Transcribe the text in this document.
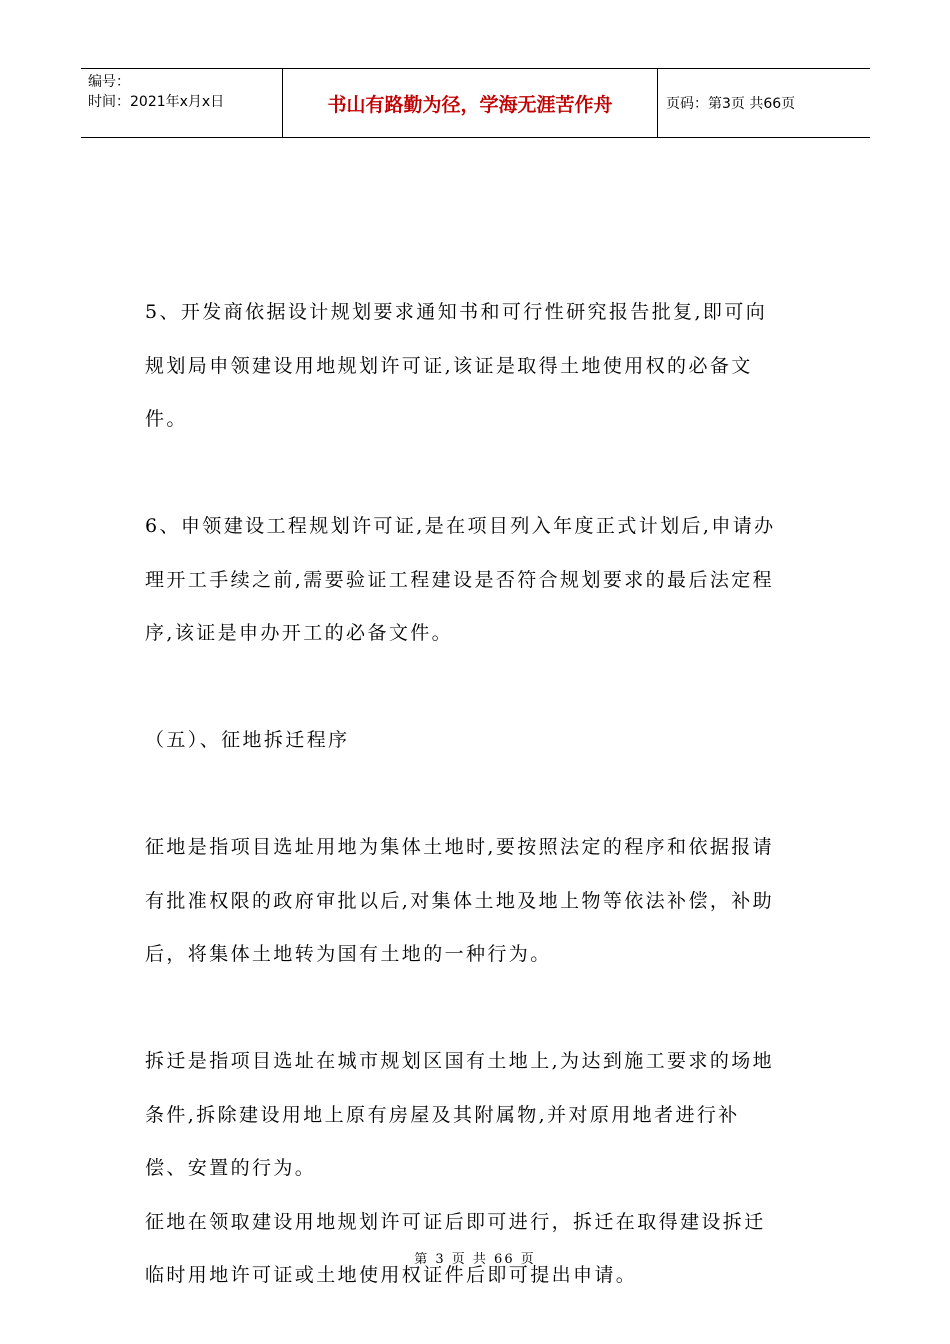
编号：
时间：2021年x月x日	书山有路勤为径，学海无涯苦作舟	页码：第3页 共66页

5、开发商依据设计规划要求通知书和可行性研究报告批复,即可向
规划局申领建设用地规划许可证,该证是取得土地使用权的必备文
件。

6、申领建设工程规划许可证,是在项目列入年度正式计划后,申请办
理开工手续之前,需要验证工程建设是否符合规划要求的最后法定程
序,该证是申办开工的必备文件。

（五）、征地拆迁程序

征地是指项目选址用地为集体土地时,要按照法定的程序和依据报请
有批准权限的政府审批以后,对集体土地及地上物等依法补偿，补助
后，将集体土地转为国有土地的一种行为。

拆迁是指项目选址在城市规划区国有土地上,为达到施工要求的场地
条件,拆除建设用地上原有房屋及其附属物,并对原用地者进行补
偿、安置的行为。
征地在领取建设用地规划许可证后即可进行，拆迁在取得建设拆迁
临时用地许可证或土地使用权证件后即可提出申请。

第 3 页 共 66 页
